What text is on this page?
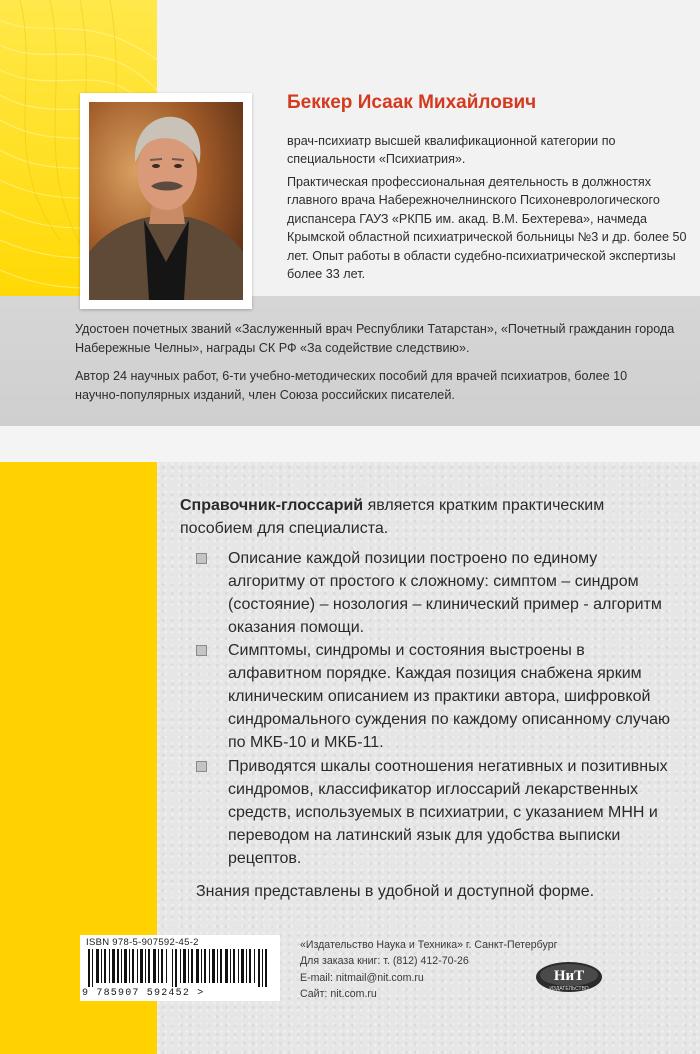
Беккер Исаак Михайлович

врач-психиатр высшей квалификационной категории по специальности «Психиатрия».

Практическая профессиональная деятельность в должностях главного врача Набережночелнинского Психоневрологического диспансера ГАУЗ «РКПБ им. акад. В.М. Бехтерева», начмеда Крымской областной психиатрической больницы №3 и др. более 50 лет. Опыт работы в области судебно-психиатрической экспертизы более 33 лет.

Удостоен почетных званий «Заслуженный врач Республики Татарстан», «Почетный гражданин города Набережные Челны», награды СК РФ «За содействие следствию».

Автор 24 научных работ, 6-ти учебно-методических пособий для врачей психиатров, более 10 научно-популярных изданий, член Союза российских писателей.

Справочник-глоссарий является кратким практическим пособием для специалиста.
Описание каждой позиции построено по единому алгоритму от простого к сложному: симптом – синдром (состояние) – нозология – клинический пример - алгоритм оказания помощи.
Симптомы, синдромы и состояния выстроены в алфавитном порядке. Каждая позиция снабжена ярким клиническим описанием из практики автора, шифровкой синдромального суждения по каждому описанному случаю по МКБ-10 и МКБ-11.
Приводятся шкалы соотношения негативных и позитивных синдромов, классификатор иглоссарий лекарственных средств, используемых в психиатрии, с указанием МНН и переводом на латинский язык для удобства выписки рецептов.
Знания представлены в удобной и доступной форме.
ISBN 978-5-907592-45-2
9 785907 592452 >
«Издательство Наука и Техника» г. Санкт-Петербург
Для заказа книг: т. (812) 412-70-26
E-mail: nitmail@nit.com.ru
Сайт: nit.com.ru
НиТ
ИЗДАТЕЛЬСТВО
